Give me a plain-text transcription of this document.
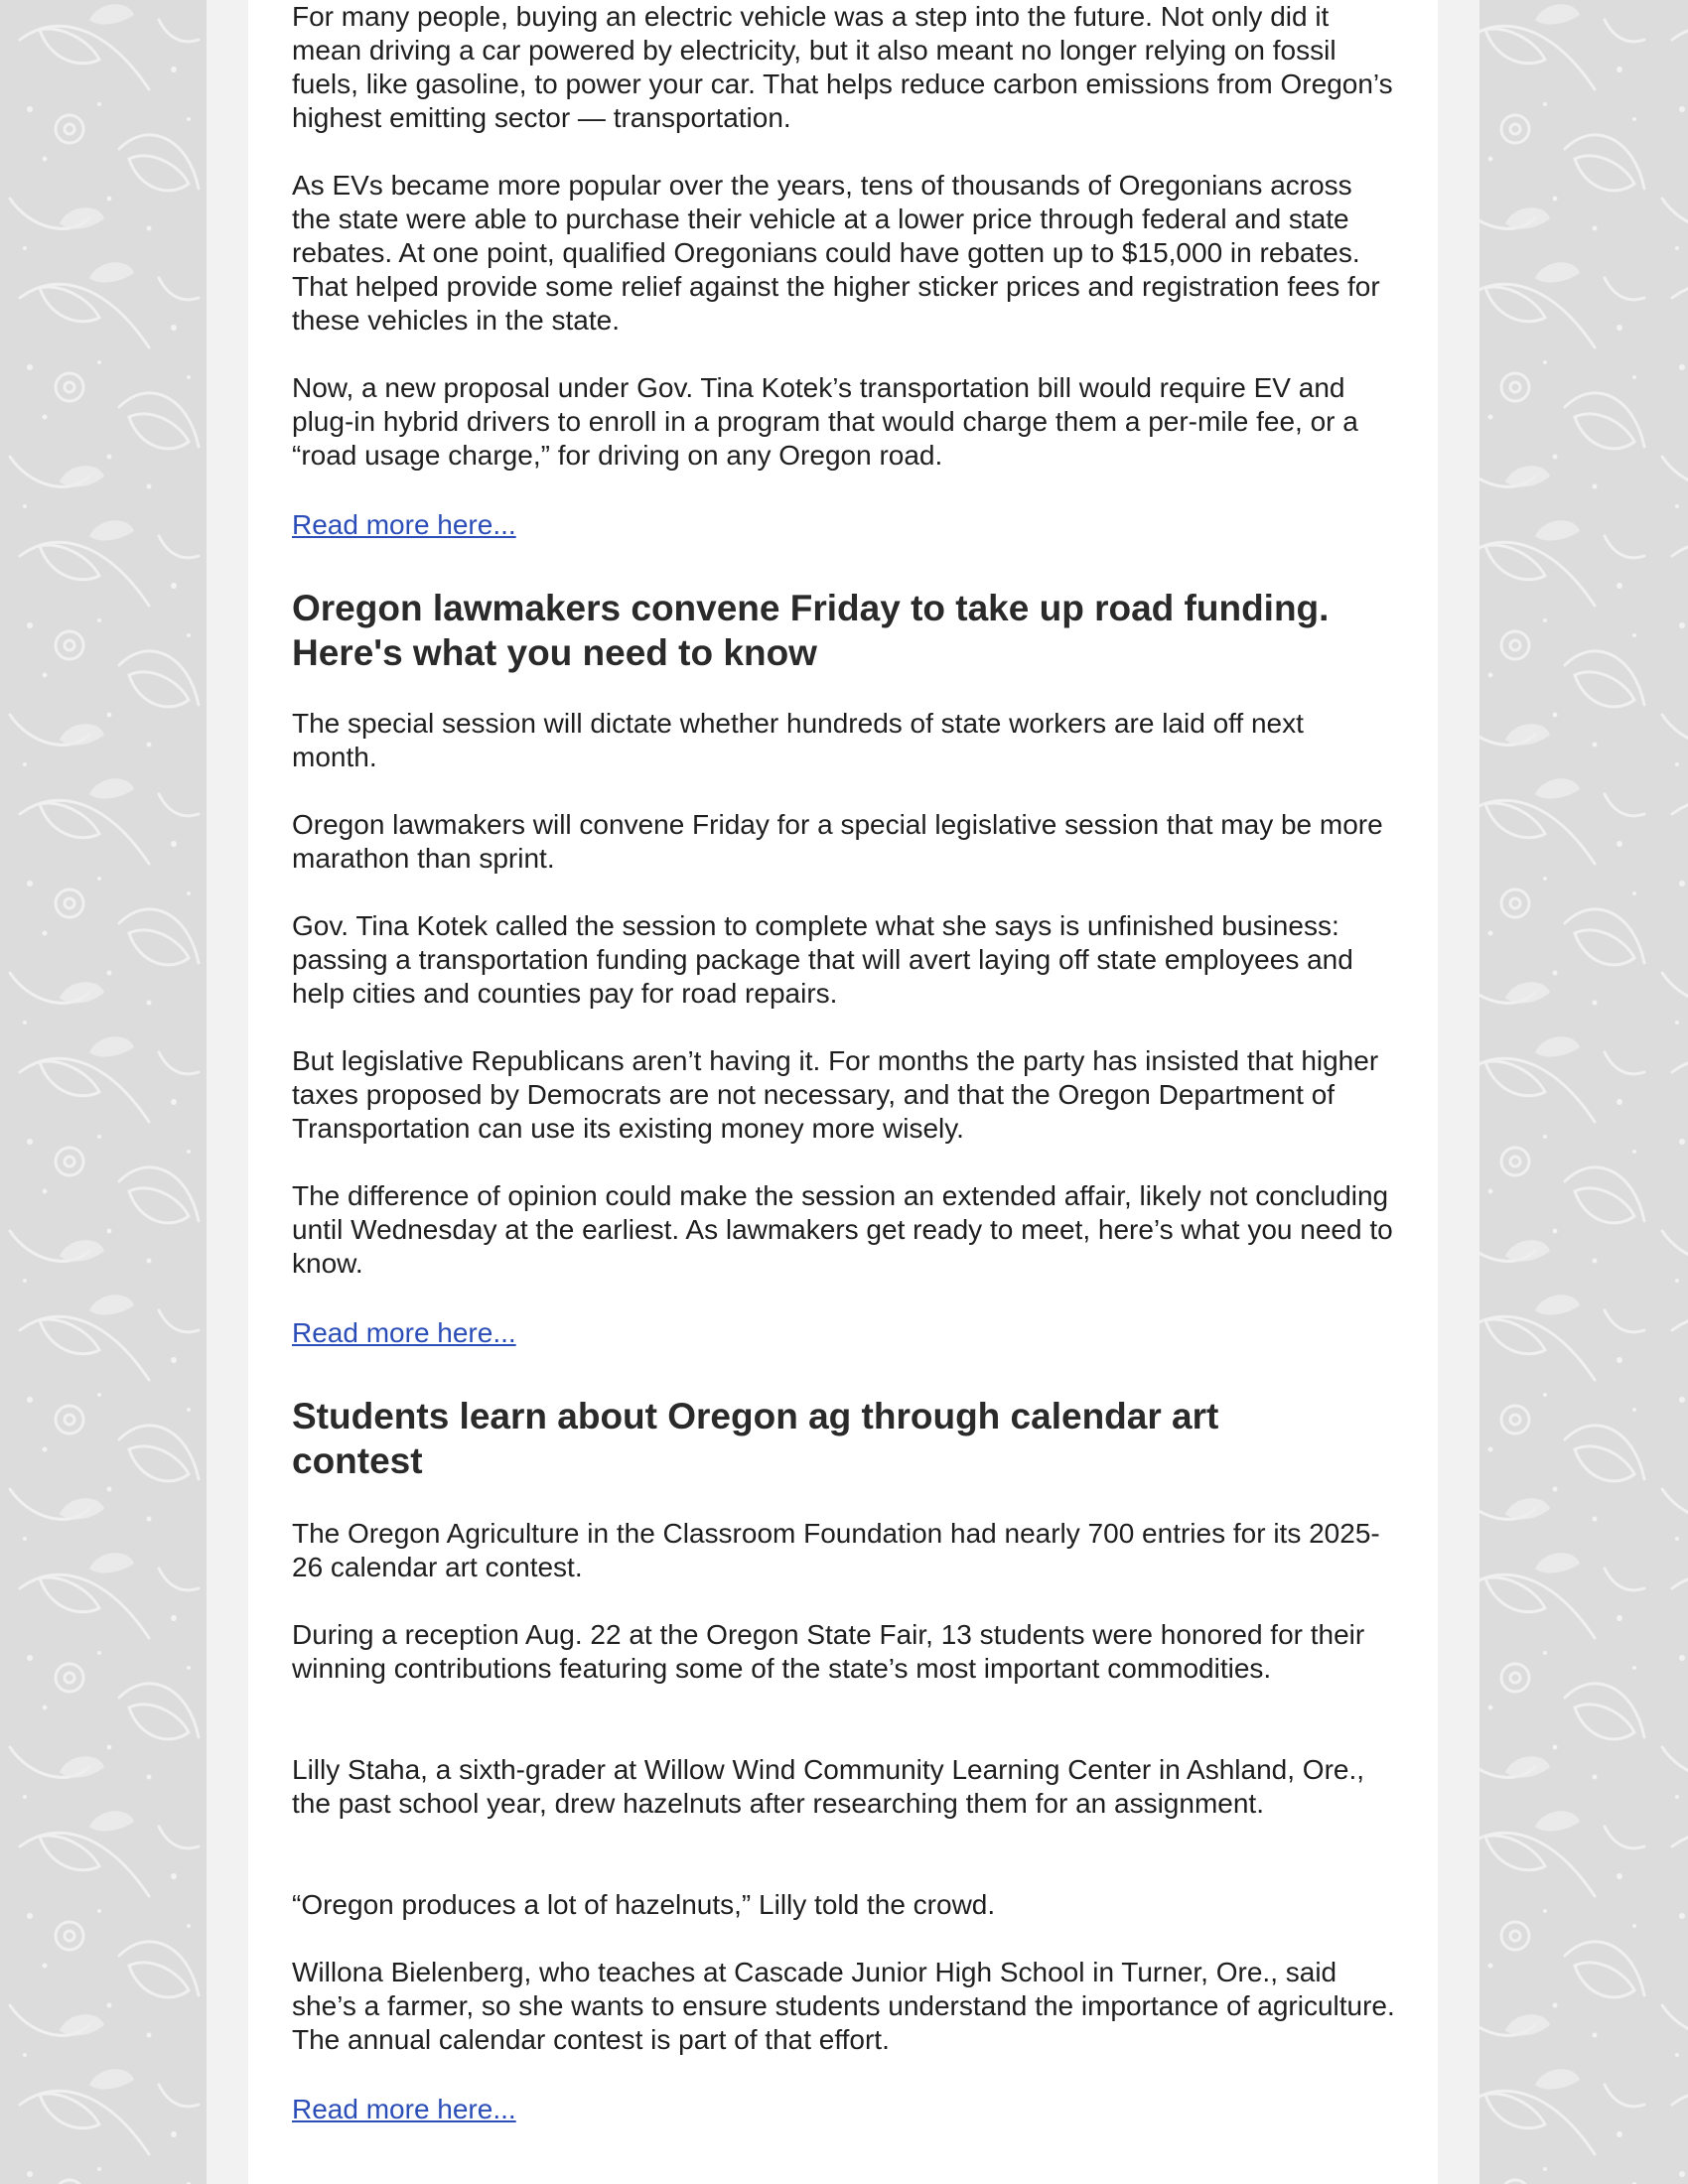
For many people, buying an electric vehicle was a step into the future. Not only did it mean driving a car powered by electricity, but it also meant no longer relying on fossil fuels, like gasoline, to power your car. That helps reduce carbon emissions from Oregon’s highest emitting sector — transportation.

As EVs became more popular over the years, tens of thousands of Oregonians across the state were able to purchase their vehicle at a lower price through federal and state rebates. At one point, qualified Oregonians could have gotten up to $15,000 in rebates. That helped provide some relief against the higher sticker prices and registration fees for these vehicles in the state.

Now, a new proposal under Gov. Tina Kotek’s transportation bill would require EV and plug-in hybrid drivers to enroll in a program that would charge them a per-mile fee, or a “road usage charge,” for driving on any Oregon road.

Read more here...
Oregon lawmakers convene Friday to take up road funding. Here's what you need to know

The special session will dictate whether hundreds of state workers are laid off next month.

Oregon lawmakers will convene Friday for a special legislative session that may be more marathon than sprint.

Gov. Tina Kotek called the session to complete what she says is unfinished business: passing a transportation funding package that will avert laying off state employees and help cities and counties pay for road repairs.

But legislative Republicans aren’t having it. For months the party has insisted that higher taxes proposed by Democrats are not necessary, and that the Oregon Department of Transportation can use its existing money more wisely.

The difference of opinion could make the session an extended affair, likely not concluding until Wednesday at the earliest. As lawmakers get ready to meet, here’s what you need to know.

Read more here...
Students learn about Oregon ag through calendar art contest

The Oregon Agriculture in the Classroom Foundation had nearly 700 entries for its 2025-26 calendar art contest.

During a reception Aug. 22 at the Oregon State Fair, 13 students were honored for their winning contributions featuring some of the state’s most important commodities.

Lilly Staha, a sixth-grader at Willow Wind Community Learning Center in Ashland, Ore., the past school year, drew hazelnuts after researching them for an assignment.

“Oregon produces a lot of hazelnuts,” Lilly told the crowd.

Willona Bielenberg, who teaches at Cascade Junior High School in Turner, Ore., said she’s a farmer, so she wants to ensure students understand the importance of agriculture. The annual calendar contest is part of that effort.

Read more here...
